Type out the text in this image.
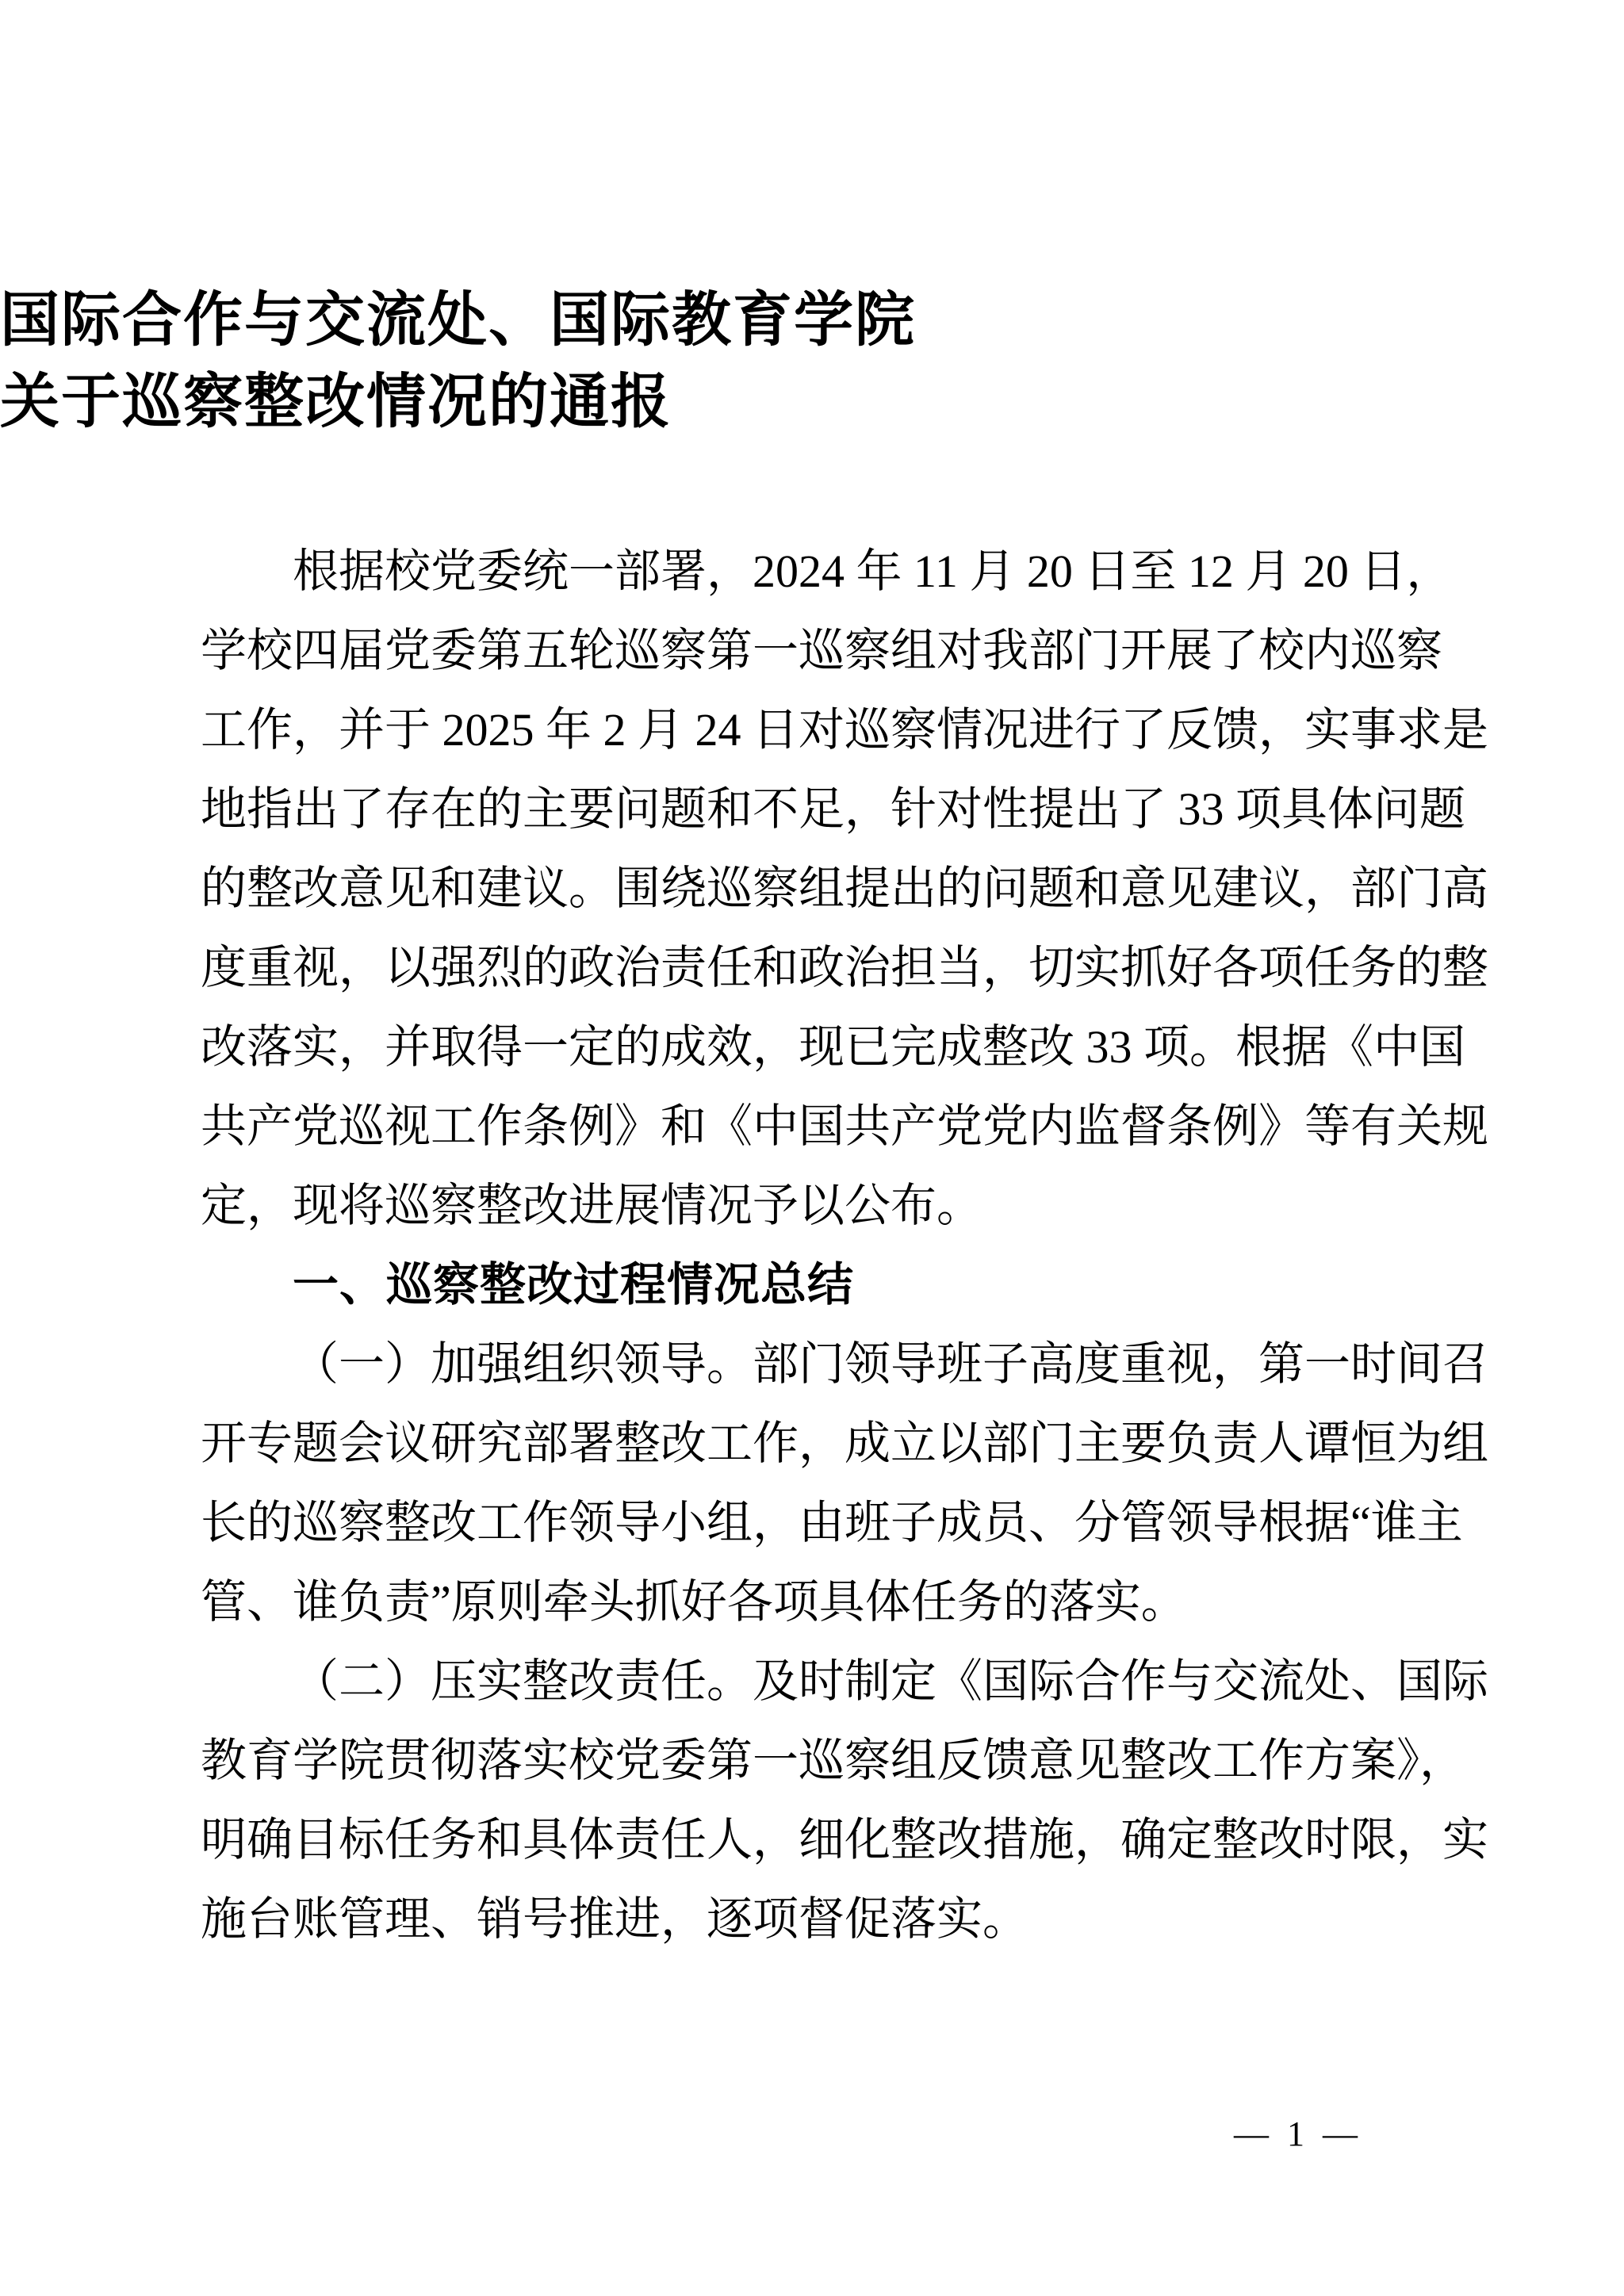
国际合作与交流处、国际教育学院
关于巡察整改情况的通报
根据校党委统一部署，2024 年 11 月 20 日至 12 月 20 日，
学校四届党委第五轮巡察第一巡察组对我部门开展了校内巡察
工作，并于 2025 年 2 月 24 日对巡察情况进行了反馈，实事求是
地指出了存在的主要问题和不足，针对性提出了 33 项具体问题
的整改意见和建议。围绕巡察组提出的问题和意见建议，部门高
度重视，以强烈的政治责任和政治担当，切实抓好各项任务的整
改落实，并取得一定的成效，现已完成整改 33 项。根据《中国
共产党巡视工作条例》和《中国共产党党内监督条例》等有关规
定，现将巡察整改进展情况予以公布。
一、巡察整改过程情况总结
（一）加强组织领导。部门领导班子高度重视，第一时间召
开专题会议研究部署整改工作，成立以部门主要负责人谭恒为组
长的巡察整改工作领导小组，由班子成员、分管领导根据“谁主
管、谁负责”原则牵头抓好各项具体任务的落实。
（二）压实整改责任。及时制定《国际合作与交流处、国际
教育学院贯彻落实校党委第一巡察组反馈意见整改工作方案》，
明确目标任务和具体责任人，细化整改措施，确定整改时限，实
施台账管理、销号推进，逐项督促落实。
— 1 —
